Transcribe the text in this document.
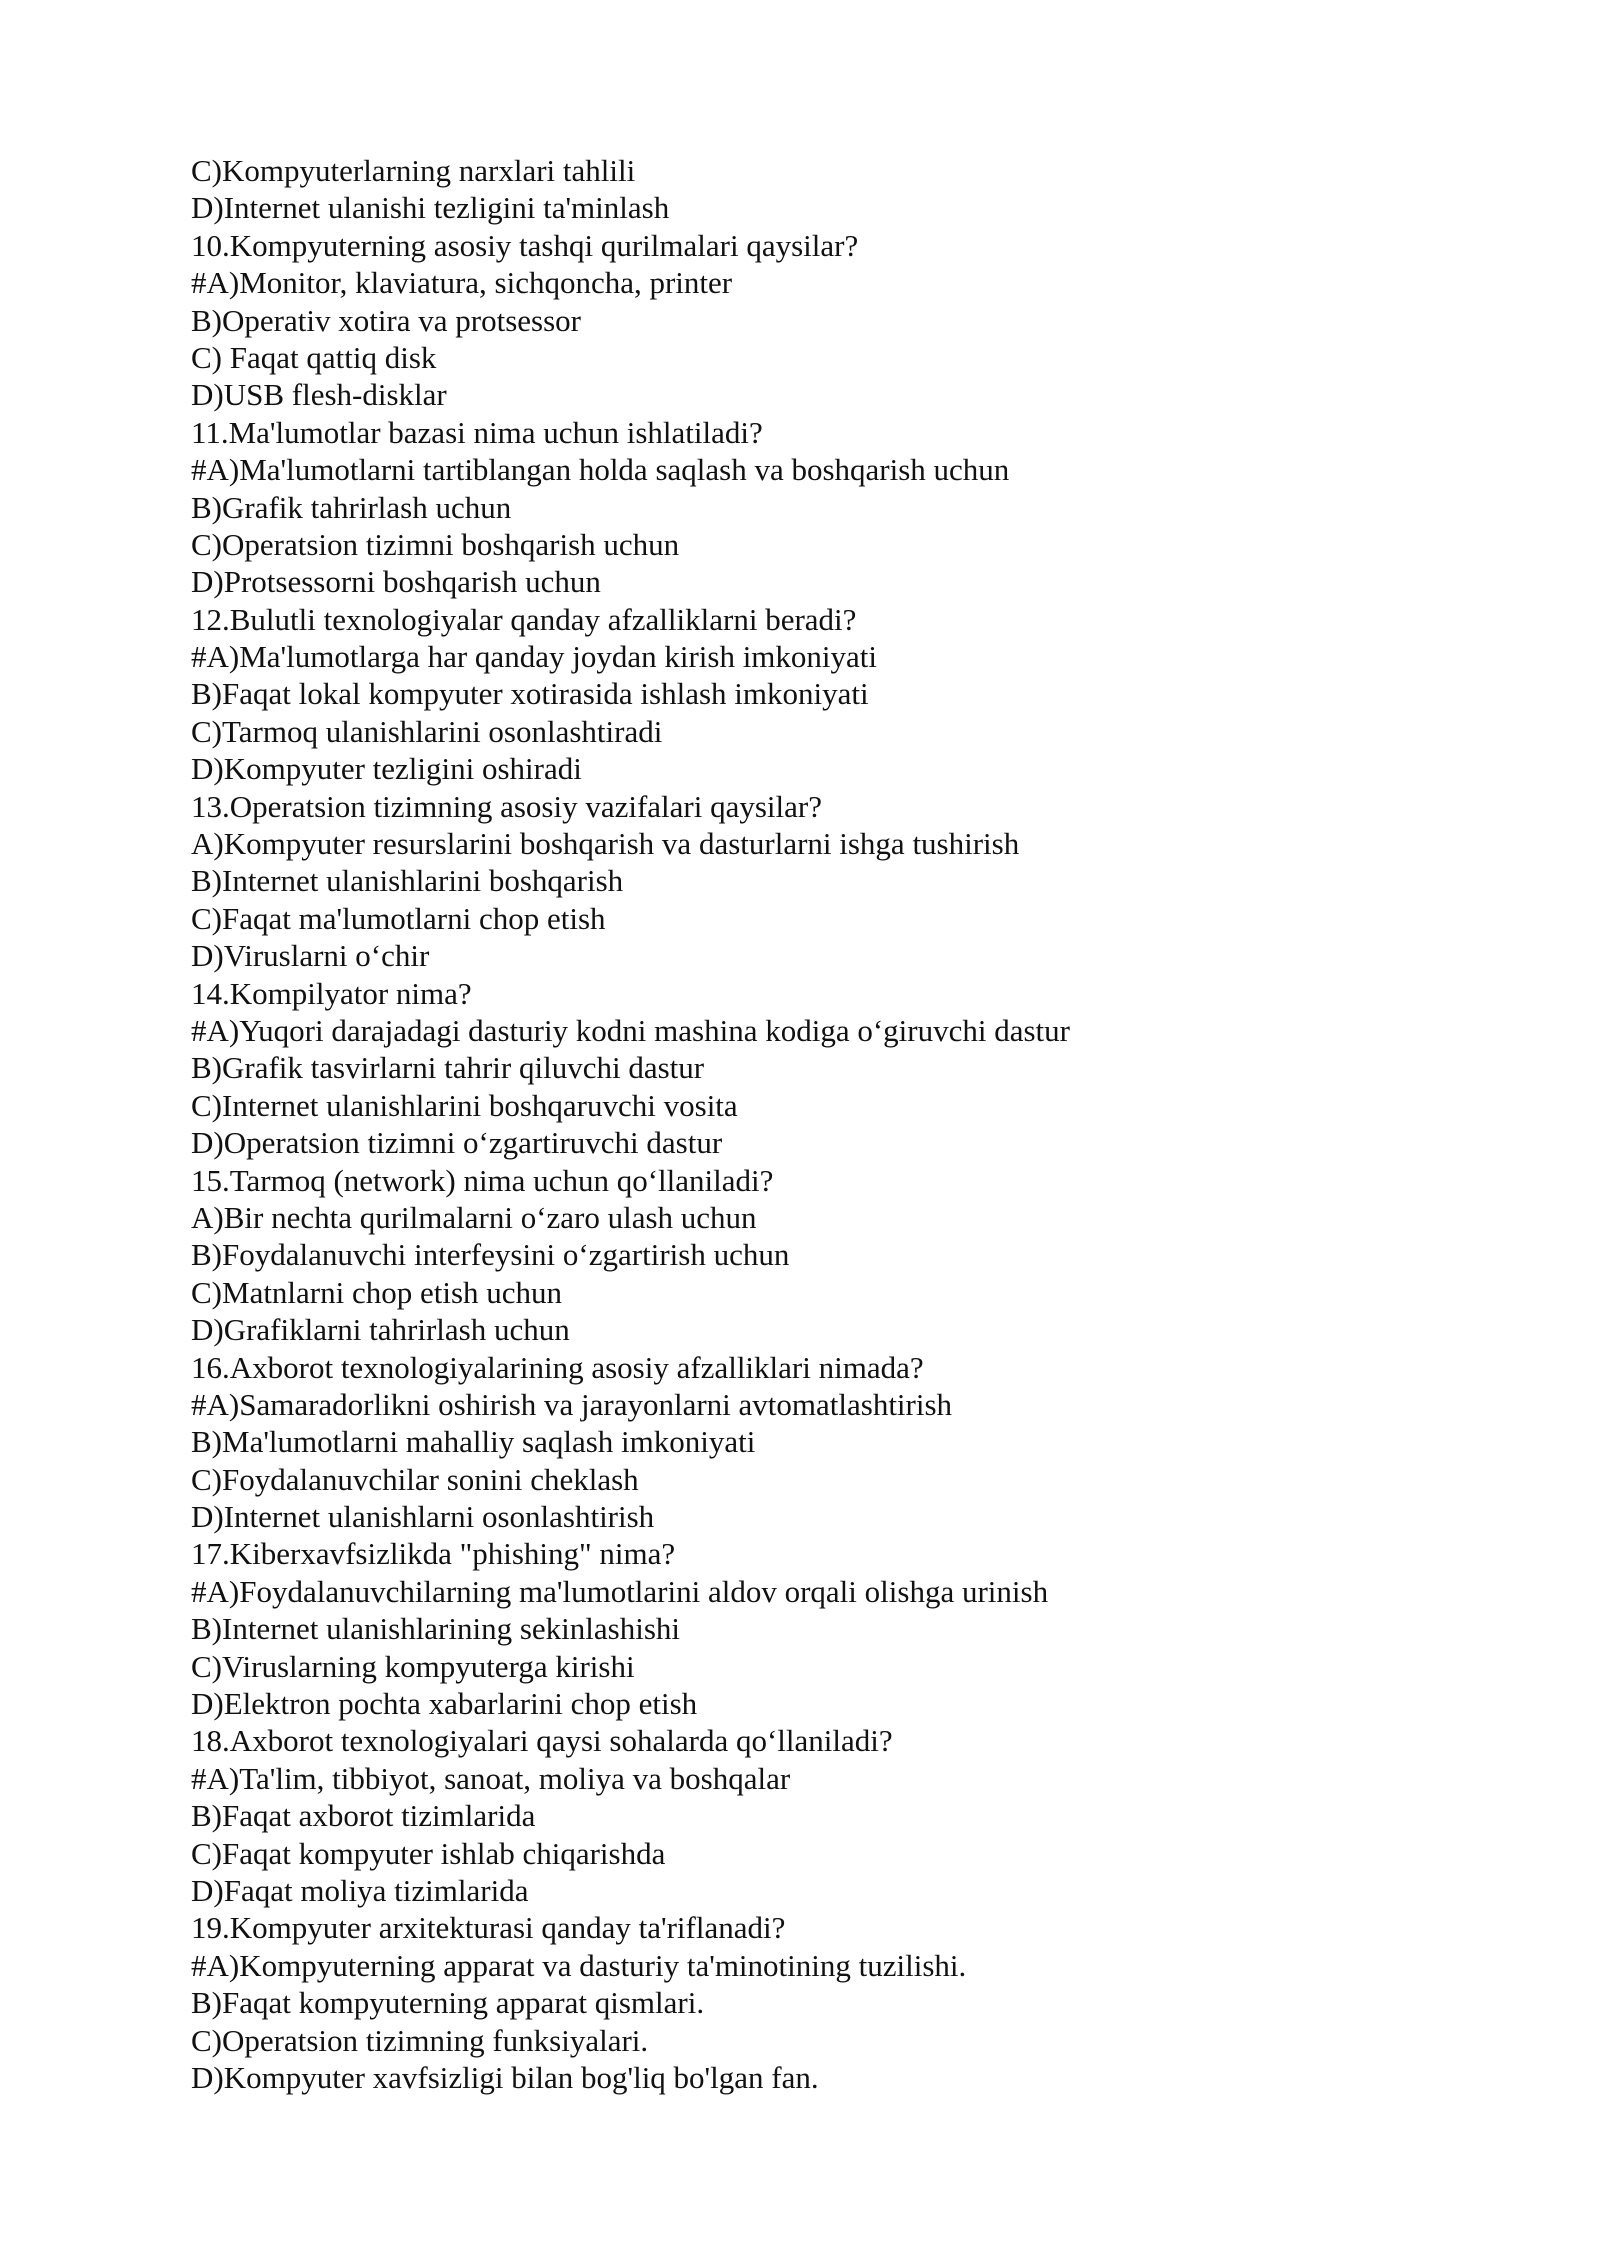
C)Kompyuterlarning narxlari tahlili
D)Internet ulanishi tezligini ta'minlash
10.Kompyuterning asosiy tashqi qurilmalari qaysilar?
#A)Monitor, klaviatura, sichqoncha, printer
B)Operativ xotira va protsessor
C) Faqat qattiq disk
D)USB flesh-disklar
11.Ma'lumotlar bazasi nima uchun ishlatiladi?
#A)Ma'lumotlarni tartiblangan holda saqlash va boshqarish uchun
B)Grafik tahrirlash uchun
C)Operatsion tizimni boshqarish uchun
D)Protsessorni boshqarish uchun
12.Bulutli texnologiyalar qanday afzalliklarni beradi?
#A)Ma'lumotlarga har qanday joydan kirish imkoniyati
B)Faqat lokal kompyuter xotirasida ishlash imkoniyati
C)Tarmoq ulanishlarini osonlashtiradi
D)Kompyuter tezligini oshiradi
13.Operatsion tizimning asosiy vazifalari qaysilar?
A)Kompyuter resurslarini boshqarish va dasturlarni ishga tushirish
B)Internet ulanishlarini boshqarish
C)Faqat ma'lumotlarni chop etish
D)Viruslarni o‘chir
14.Kompilyator nima?
#A)Yuqori darajadagi dasturiy kodni mashina kodiga o‘giruvchi dastur
B)Grafik tasvirlarni tahrir qiluvchi dastur
C)Internet ulanishlarini boshqaruvchi vosita
D)Operatsion tizimni o‘zgartiruvchi dastur
15.Tarmoq (network) nima uchun qo‘llaniladi?
A)Bir nechta qurilmalarni o‘zaro ulash uchun
B)Foydalanuvchi interfeysini o‘zgartirish uchun
C)Matnlarni chop etish uchun
D)Grafiklarni tahrirlash uchun
16.Axborot texnologiyalarining asosiy afzalliklari nimada?
#A)Samaradorlikni oshirish va jarayonlarni avtomatlashtirish
B)Ma'lumotlarni mahalliy saqlash imkoniyati
C)Foydalanuvchilar sonini cheklash
D)Internet ulanishlarni osonlashtirish
17.Kiberxavfsizlikda "phishing" nima?
#A)Foydalanuvchilarning ma'lumotlarini aldov orqali olishga urinish
B)Internet ulanishlarining sekinlashishi
C)Viruslarning kompyuterga kirishi
D)Elektron pochta xabarlarini chop etish
18.Axborot texnologiyalari qaysi sohalarda qo‘llaniladi?
#A)Ta'lim, tibbiyot, sanoat, moliya va boshqalar
B)Faqat axborot tizimlarida
C)Faqat kompyuter ishlab chiqarishda
D)Faqat moliya tizimlarida
19.Kompyuter arxitekturasi qanday ta'riflanadi?
#A)Kompyuterning apparat va dasturiy ta'minotining tuzilishi.
B)Faqat kompyuterning apparat qismlari.
C)Operatsion tizimning funksiyalari.
D)Kompyuter xavfsizligi bilan bog'liq bo'lgan fan.
